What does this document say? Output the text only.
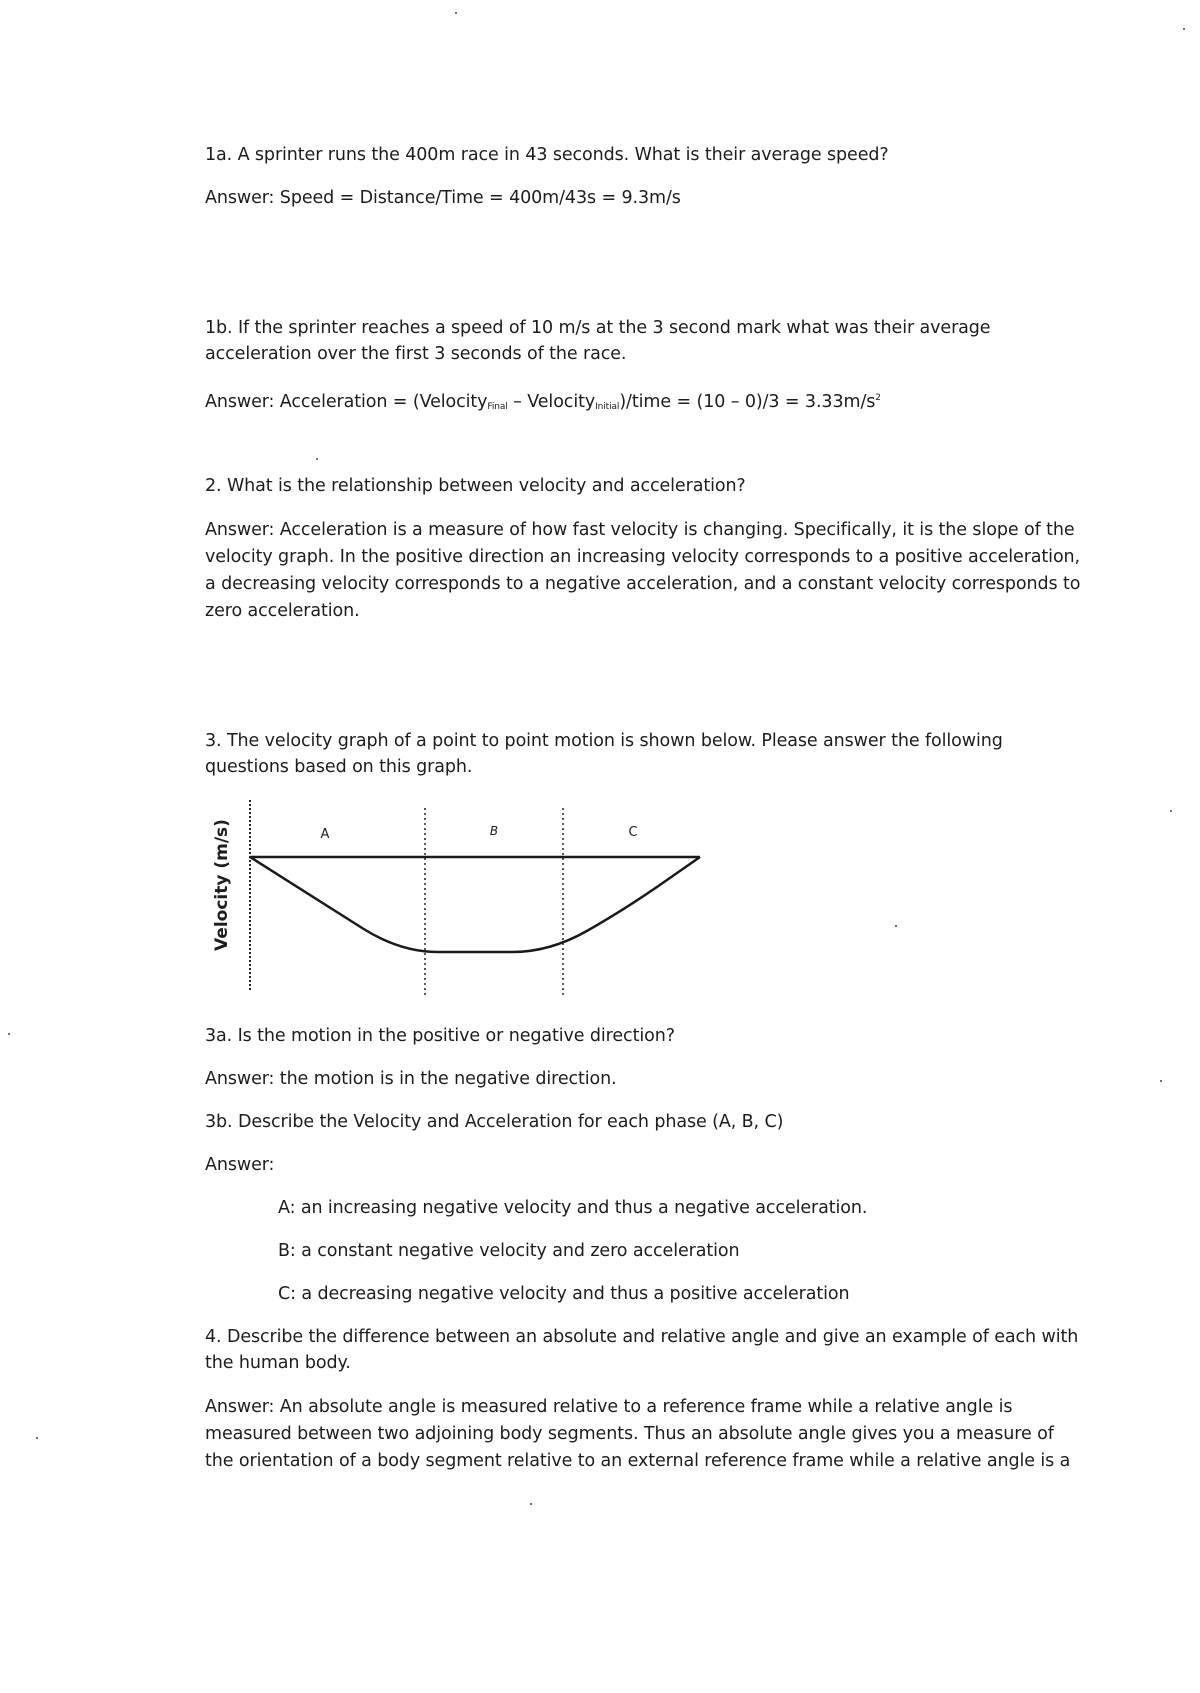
1a. A sprinter runs the 400m race in 43 seconds. What is their average speed?
Answer: Speed = Distance/Time = 400m/43s = 9.3m/s
1b. If the sprinter reaches a speed of 10 m/s at the 3 second mark what was their average
acceleration over the first 3 seconds of the race.
Answer: Acceleration = (Velocity$_{Final}$ – Velocity$_{Initial}$)/time = $(10 - 0)/3 = 3.33m/s^2$
2. What is the relationship between velocity and acceleration?
Answer: Acceleration is a measure of how fast velocity is changing. Specifically, it is the slope of the
velocity graph. In the positive direction an increasing velocity corresponds to a positive acceleration,
a decreasing velocity corresponds to a negative acceleration, and a constant velocity corresponds to
zero acceleration.
3. The velocity graph of a point to point motion is shown below. Please answer the following
questions based on this graph.
Velocity (m/s)	A	B	C
3a. Is the motion in the positive or negative direction?
Answer: the motion is in the negative direction.
3b. Describe the Velocity and Acceleration for each phase (A, B, C)
Answer:
A: an increasing negative velocity and thus a negative acceleration.
B: a constant negative velocity and zero acceleration
C: a decreasing negative velocity and thus a positive acceleration
4. Describe the difference between an absolute and relative angle and give an example of each with
the human body.
Answer: An absolute angle is measured relative to a reference frame while a relative angle is
measured between two adjoining body segments. Thus an absolute angle gives you a measure of
the orientation of a body segment relative to an external reference frame while a relative angle is a
